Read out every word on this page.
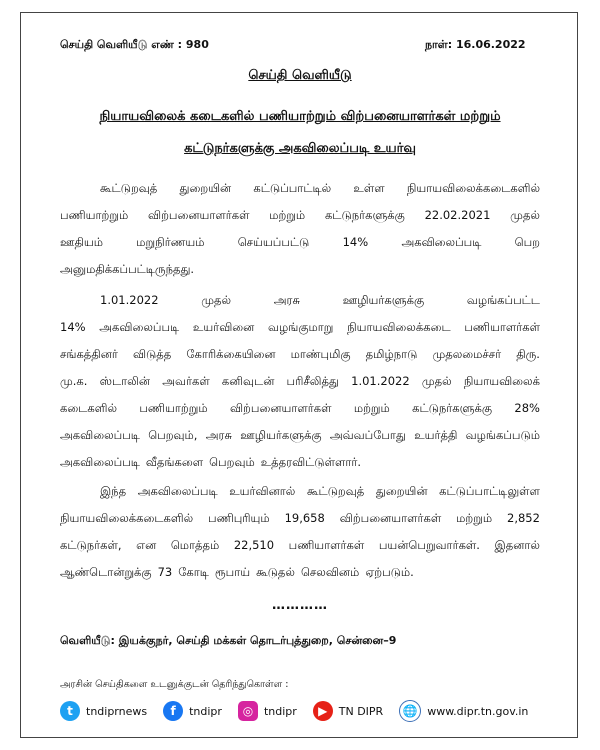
செய்தி வெளியீடு எண் : 980	நாள்: 16.06.2022
செய்தி வெளியீடு
நியாயவிலைக் கடைகளில் பணியாற்றும் விற்பனையாளர்கள் மற்றும்
கட்டுநர்களுக்கு அகவிலைப்படி உயர்வு
கூட்டுறவுத் துறையின் கட்டுப்பாட்டில் உள்ள நியாயவிலைக்கடைகளில்
பணியாற்றும் விற்பனையாளர்கள் மற்றும் கட்டுநர்களுக்கு 22.02.2021 முதல்
ஊதியம்	மறுநிர்ணயம்	செய்யப்பட்டு	14%	அகவிலைப்படி	பெற
அனுமதிக்கப்பட்டிருந்தது.
1.01.2022	முதல்	அரசு	ஊழியர்களுக்கு	வழங்கப்பட்ட
14% அகவிலைப்படி உயர்வினை வழங்குமாறு நியாயவிலைக்கடை பணியாளர்கள்
சங்கத்தினர் விடுத்த கோரிக்கையினை மாண்புமிகு தமிழ்நாடு முதலமைச்சர் திரு.
மு.க. ஸ்டாலின் அவர்கள் கனிவுடன் பரிசீலித்து 1.01.2022 முதல் நியாயவிலைக்
கடைகளில் பணியாற்றும் விற்பனையாளர்கள் மற்றும் கட்டுநர்களுக்கு 28%
அகவிலைப்படி பெறவும், அரசு ஊழியர்களுக்கு அவ்வப்போது உயர்த்தி வழங்கப்படும்
அகவிலைப்படி வீதங்களை பெறவும் உத்தரவிட்டுள்ளார்.
இந்த அகவிலைப்படி உயர்வினால் கூட்டுறவுத் துறையின் கட்டுப்பாட்டிலுள்ள
நியாயவிலைக்கடைகளில் பணிபுரியும் 19,658 விற்பனையாளர்கள் மற்றும் 2,852
கட்டுநர்கள், என மொத்தம் 22,510 பணியாளர்கள் பயன்பெறுவார்கள். இதனால்
ஆண்டொன்றுக்கு 73 கோடி ரூபாய் கூடுதல் செலவினம் ஏற்படும்.
…………
வெளியீடு: இயக்குநர், செய்தி மக்கள் தொடர்புத்துறை, சென்னை–9
அரசின் செய்திகளை உடனுக்குடன் தெரிந்துகொள்ள :
t	tndiprnews	f	tndipr	◎ tndipr	▶	TN DIPR 🌐 www.dipr.tn.gov.in
